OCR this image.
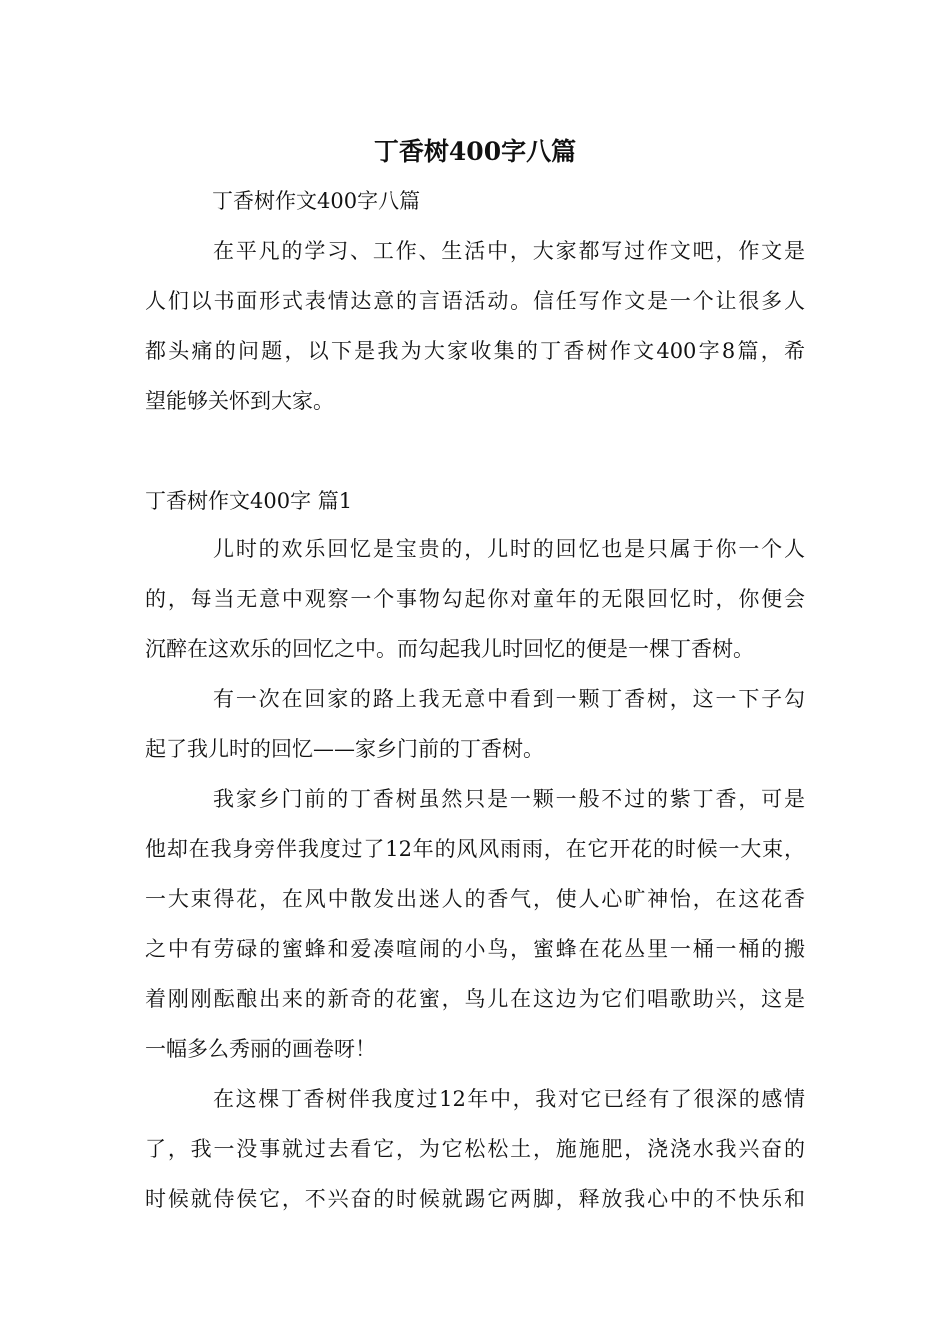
丁香树400字八篇
丁香树作文400字八篇
在平凡的学习、工作、生活中，大家都写过作文吧，作文是
人们以书面形式表情达意的言语活动。信任写作文是一个让很多人
都头痛的问题，以下是我为大家收集的丁香树作文400字8篇，希
望能够关怀到大家。
丁香树作文400字 篇1
儿时的欢乐回忆是宝贵的，儿时的回忆也是只属于你一个人
的，每当无意中观察一个事物勾起你对童年的无限回忆时，你便会
沉醉在这欢乐的回忆之中。而勾起我儿时回忆的便是一棵丁香树。
有一次在回家的路上我无意中看到一颗丁香树，这一下子勾
起了我儿时的回忆——家乡门前的丁香树。
我家乡门前的丁香树虽然只是一颗一般不过的紫丁香，可是
他却在我身旁伴我度过了12年的风风雨雨，在它开花的时候一大束，
一大束得花，在风中散发出迷人的香气，使人心旷神怡，在这花香
之中有劳碌的蜜蜂和爱凑喧闹的小鸟，蜜蜂在花丛里一桶一桶的搬
着刚刚酝酿出来的新奇的花蜜，鸟儿在这边为它们唱歌助兴，这是
一幅多么秀丽的画卷呀！
在这棵丁香树伴我度过12年中，我对它已经有了很深的感情
了，我一没事就过去看它，为它松松土，施施肥，浇浇水我兴奋的
时候就侍侯它，不兴奋的时候就踢它两脚，释放我心中的不快乐和
